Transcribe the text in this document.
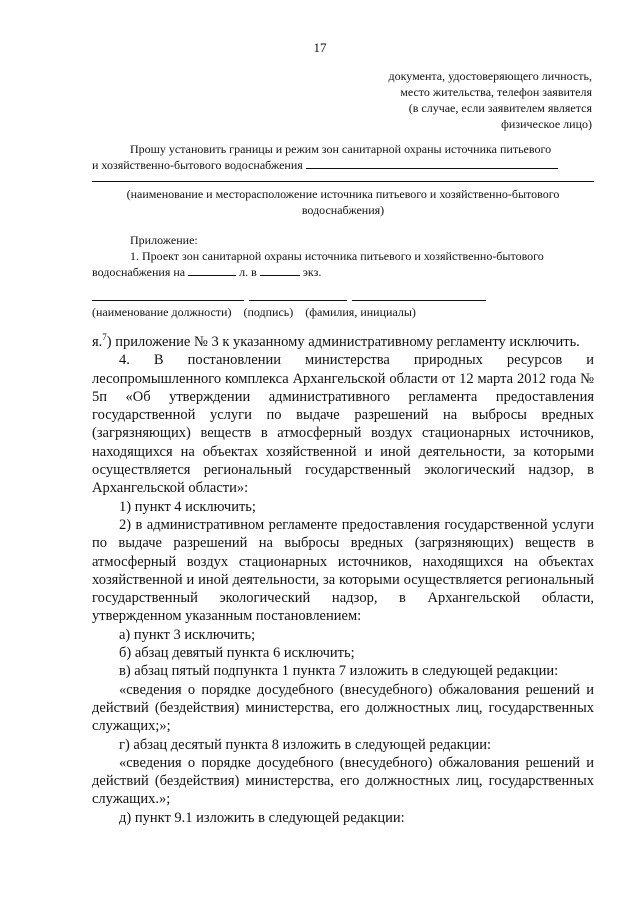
17
документа, удостоверяющего личность,
место жительства, телефон заявителя
(в случае, если заявителем является
физическое лицо)
Прошу установить границы и режим зон санитарной охраны источника питьевого
и хозяйственно-бытового водоснабжения
(наименование и месторасположение источника питьевого и хозяйственно-бытового
водоснабжения)
Приложение:
1. Проект зон санитарной охраны источника питьевого и хозяйственно-бытового
водоснабжения на	л. в	экз.
(наименование должности) (подпись) (фамилия, инициалы)

я.$^7$) приложение № 3 к указанному административному регламенту исключить.

4. В постановлении министерства природных ресурсов и лесопромышленного комплекса Архангельской области от 12 марта 2012 года № 5п «Об утверждении административного регламента предоставления государственной услуги по выдаче разрешений на выбросы вредных (загрязняющих) веществ в атмосферный воздух стационарных источников, находящихся на объектах хозяйственной и иной деятельности, за которыми осуществляется региональный государственный экологический надзор, в Архангельской области»:

1) пункт 4 исключить;

2) в административном регламенте предоставления государственной услуги по выдаче разрешений на выбросы вредных (загрязняющих) веществ в атмосферный воздух стационарных источников, находящихся на объектах хозяйственной и иной деятельности, за которыми осуществляется региональный государственный экологический надзор, в Архангельской области, утвержденном указанным постановлением:

а) пункт 3 исключить;

б) абзац девятый пункта 6 исключить;

в) абзац пятый подпункта 1 пункта 7 изложить в следующей редакции:

«сведения о порядке досудебного (внесудебного) обжалования решений и действий (бездействия) министерства, его должностных лиц, государственных служащих;»;

г) абзац десятый пункта 8 изложить в следующей редакции:

«сведения о порядке досудебного (внесудебного) обжалования решений и действий (бездействия) министерства, его должностных лиц, государственных служащих.»;

д) пункт 9.1 изложить в следующей редакции:
